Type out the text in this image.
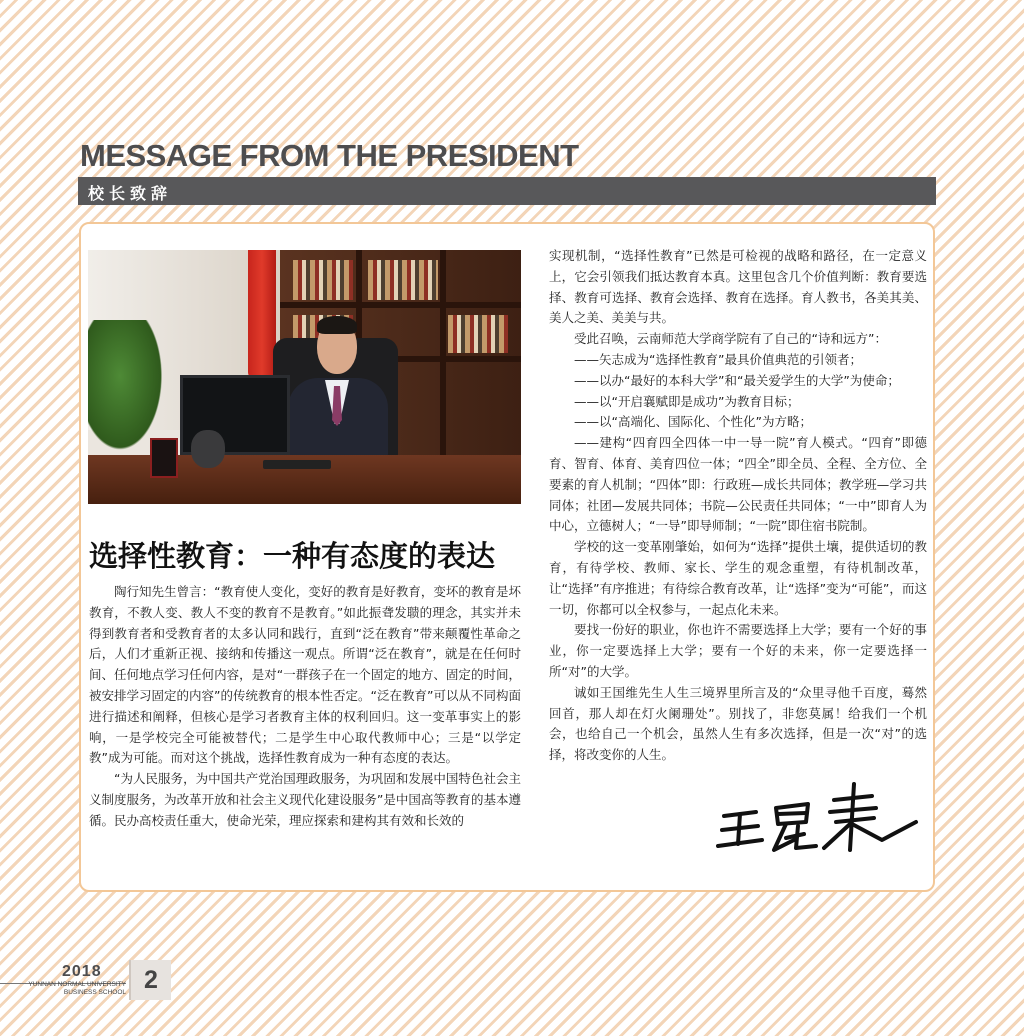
MESSAGE FROM THE PRESIDENT
校长致辞
选择性教育：一种有态度的表达

陶行知先生曾言：“教育使人变化，变好的教育是好教育，变坏的教育是坏教育，不教人变、教人不变的教育不是教育。”如此振聋发聩的理念，其实并未得到教育者和受教育者的太多认同和践行，直到“泛在教育”带来颠覆性革命之后，人们才重新正视、接纳和传播这一观点。所谓“泛在教育”，就是在任何时间、任何地点学习任何内容，是对“一群孩子在一个固定的地方、固定的时间，被安排学习固定的内容”的传统教育的根本性否定。“泛在教育”可以从不同构面进行描述和阐释，但核心是学习者教育主体的权利回归。这一变革事实上的影响，一是学校完全可能被替代；二是学生中心取代教师中心；三是“以学定教”成为可能。而对这个挑战，选择性教育成为一种有态度的表达。

“为人民服务，为中国共产党治国理政服务，为巩固和发展中国特色社会主义制度服务，为改革开放和社会主义现代化建设服务”是中国高等教育的基本遵循。民办高校责任重大，使命光荣，理应探索和建构其有效和长效的

实现机制，“选择性教育”已然是可检视的战略和路径，在一定意义上，它会引领我们抵达教育本真。这里包含几个价值判断：教育要选择、教育可选择、教育会选择、教育在选择。育人教书，各美其美、美人之美、美美与共。

受此召唤，云南师范大学商学院有了自己的“诗和远方”：

——矢志成为“选择性教育”最具价值典范的引领者；

——以办“最好的本科大学”和“最关爱学生的大学”为使命；

——以“开启襄赋即是成功”为教育目标；

——以“高端化、国际化、个性化”为方略；

——建构“四育四全四体一中一导一院”育人模式。“四育”即德育、智育、体育、美育四位一体；“四全”即全员、全程、全方位、全要素的育人机制；“四体”即：行政班—成长共同体；教学班—学习共同体；社团—发展共同体；书院—公民责任共同体；“一中”即育人为中心，立德树人；“一导”即导师制；“一院”即住宿书院制。

学校的这一变革刚肇始，如何为“选择”提供土壤，提供适切的教育，有待学校、教师、家长、学生的观念重塑，有待机制改革，让“选择”有序推进；有待综合教育改革，让“选择”变为“可能”，而这一切，你都可以全权参与，一起点化未来。

要找一份好的职业，你也许不需要选择上大学；要有一个好的事业，你一定要选择上大学；要有一个好的未来，你一定要选择一所“对”的大学。

诚如王国维先生人生三境界里所言及的“众里寻他千百度，蓦然回首，那人却在灯火阑珊处”。别找了，非您莫属！给我们一个机会，也给自己一个机会，虽然人生有多次选择，但是一次“对”的选择，将改变你的人生。

2018
YUNNAN NORMAL UNIVERSITY
BUSINESS SCHOOL 2
